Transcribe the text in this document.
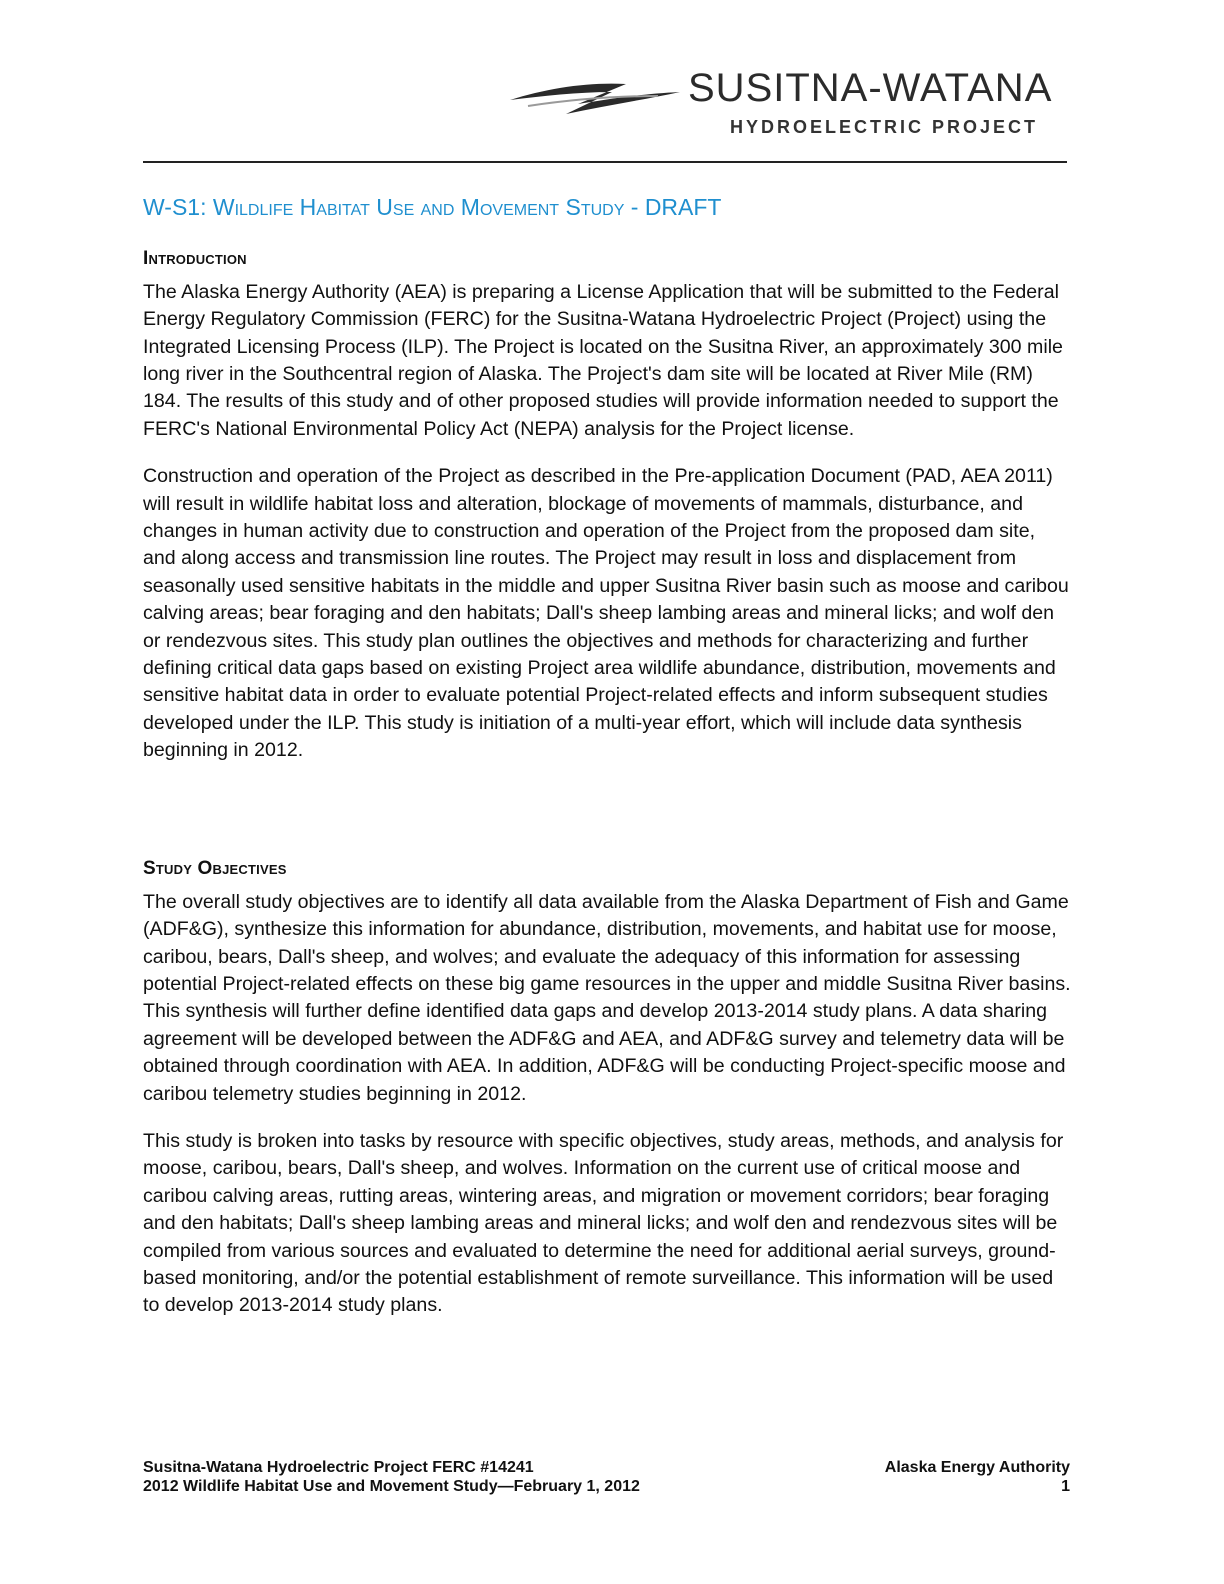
SUSITNA-WATANA
HYDROELECTRIC PROJECT
W-S1: Wildlife Habitat Use and Movement Study - DRAFT
Introduction

The Alaska Energy Authority (AEA) is preparing a License Application that will be submitted to the Federal Energy Regulatory Commission (FERC) for the Susitna-Watana Hydroelectric Project (Project) using the Integrated Licensing Process (ILP). The Project is located on the Susitna River, an approximately 300 mile long river in the Southcentral region of Alaska. The Project's dam site will be located at River Mile (RM) 184. The results of this study and of other proposed studies will provide information needed to support the FERC's National Environmental Policy Act (NEPA) analysis for the Project license.

Construction and operation of the Project as described in the Pre-application Document (PAD, AEA 2011) will result in wildlife habitat loss and alteration, blockage of movements of mammals, disturbance, and changes in human activity due to construction and operation of the Project from the proposed dam site, and along access and transmission line routes. The Project may result in loss and displacement from seasonally used sensitive habitats in the middle and upper Susitna River basin such as moose and caribou calving areas; bear foraging and den habitats; Dall's sheep lambing areas and mineral licks; and wolf den or rendezvous sites. This study plan outlines the objectives and methods for characterizing and further defining critical data gaps based on existing Project area wildlife abundance, distribution, movements and sensitive habitat data in order to evaluate potential Project-related effects and inform subsequent studies developed under the ILP. This study is initiation of a multi-year effort, which will include data synthesis beginning in 2012.

Study Objectives

The overall study objectives are to identify all data available from the Alaska Department of Fish and Game (ADF&G), synthesize this information for abundance, distribution, movements, and habitat use for moose, caribou, bears, Dall's sheep, and wolves; and evaluate the adequacy of this information for assessing potential Project-related effects on these big game resources in the upper and middle Susitna River basins. This synthesis will further define identified data gaps and develop 2013-2014 study plans. A data sharing agreement will be developed between the ADF&G and AEA, and ADF&G survey and telemetry data will be obtained through coordination with AEA. In addition, ADF&G will be conducting Project-specific moose and caribou telemetry studies beginning in 2012.

This study is broken into tasks by resource with specific objectives, study areas, methods, and analysis for moose, caribou, bears, Dall's sheep, and wolves. Information on the current use of critical moose and caribou calving areas, rutting areas, wintering areas, and migration or movement corridors; bear foraging and den habitats; Dall's sheep lambing areas and mineral licks; and wolf den and rendezvous sites will be compiled from various sources and evaluated to determine the need for additional aerial surveys, ground-based monitoring, and/or the potential establishment of remote surveillance. This information will be used to develop 2013-2014 study plans.

Susitna-Watana Hydroelectric Project FERC #14241	Alaska Energy Authority
2012 Wildlife Habitat Use and Movement Study—February 1, 2012	1
